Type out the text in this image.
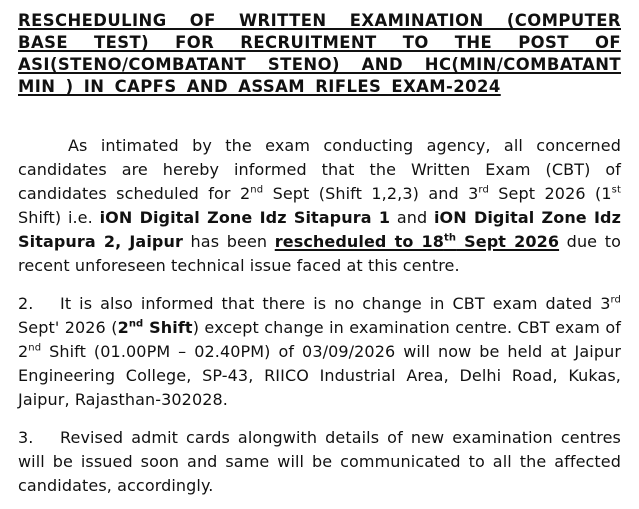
RESCHEDULING OF WRITTEN EXAMINATION (COMPUTER BASE TEST) FOR RECRUITMENT TO THE POST OF ASI(STENO/COMBATANT STENO) AND HC(MIN/COMBATANT MIN ) IN CAPFS AND ASSAM RIFLES EXAM-2024

As intimated by the exam conducting agency, all concerned candidates are hereby informed that the Written Exam (CBT) of candidates scheduled for 2nd Sept (Shift 1,2,3) and 3rd Sept 2026 (1st Shift) i.e. iON Digital Zone Idz Sitapura 1 and iON Digital Zone Idz Sitapura 2, Jaipur has been rescheduled to 18th Sept 2026 due to recent unforeseen technical issue faced at this centre.

2. It is also informed that there is no change in CBT exam dated 3rd Sept' 2026 (2nd Shift) except change in examination centre. CBT exam of 2nd Shift (01.00PM – 02.40PM) of 03/09/2026 will now be held at Jaipur Engineering College, SP-43, RIICO Industrial Area, Delhi Road, Kukas, Jaipur, Rajasthan-302028.

3. Revised admit cards alongwith details of new examination centres will be issued soon and same will be communicated to all the affected candidates, accordingly.
